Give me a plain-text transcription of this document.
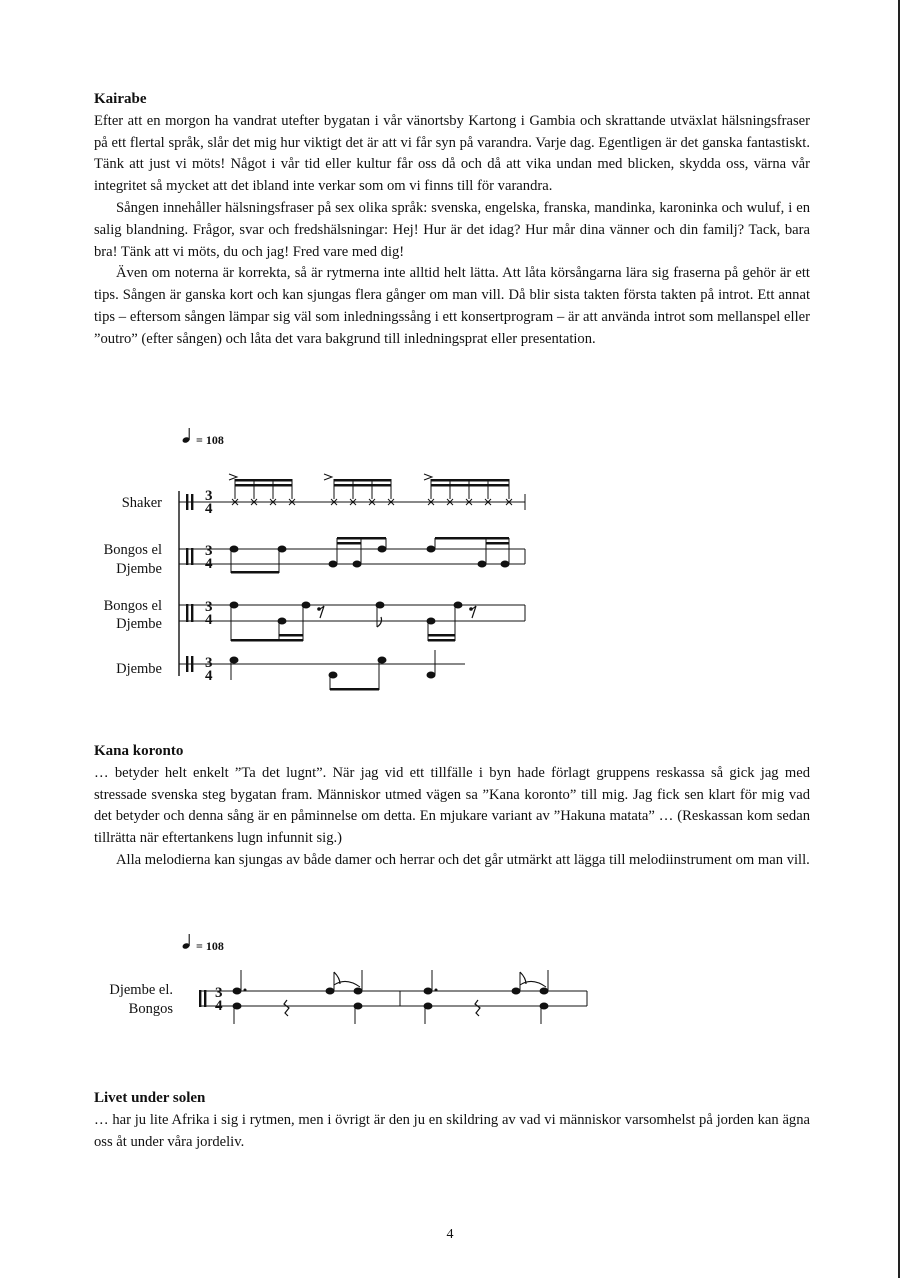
Kairabe

Efter att en morgon ha vandrat utefter bygatan i vår vänortsby Kartong i Gambia och skrattande utväxlat hälsningsfraser på ett flertal språk, slår det mig hur viktigt det är att vi får syn på varandra. Varje dag. Egentligen är det ganska fantastiskt. Tänk att just vi möts! Något i vår tid eller kultur får oss då och då att vika undan med blicken, skydda oss, värna vår integritet så mycket att det ibland inte verkar som om vi finns till för varandra.

Sången innehåller hälsningsfraser på sex olika språk: svenska, engelska, franska, mandinka, karoninka och wuluf, i en salig blandning. Frågor, svar och fredshälsningar: Hej! Hur är det idag? Hur mår dina vänner och din familj? Tack, bara bra! Tänk att vi möts, du och jag! Fred vare med dig!

Även om noterna är korrekta, så är rytmerna inte alltid helt lätta. Att låta körsångarna lära sig fraserna på gehör är ett tips. Sången är ganska kort och kan sjungas flera gånger om man vill. Då blir sista takten första takten på introt. Ett annat tips – eftersom sången lämpar sig väl som inledningssång i ett konsertprogram – är att använda introt som mellanspel eller ”outro” (efter sången) och låta det vara bakgrund till inledningsprat eller presentation.

= 108
Shaker
Bongos el
Djembe
Bongos el
Djembe
Djembe
3
4
3
4
3
4
3
4
Kana koronto

… betyder helt enkelt ”Ta det lugnt”. När jag vid ett tillfälle i byn hade förlagt gruppens reskassa så gick jag med stressade svenska steg bygatan fram. Människor utmed vägen sa ”Kana koronto” till mig. Jag fick sen klart för mig vad det betyder och denna sång är en påminnelse om detta. En mjukare variant av ”Hakuna matata” … (Reskassan kom sedan tillrätta när eftertankens lugn infunnit sig.)

Alla melodierna kan sjungas av både damer och herrar och det går utmärkt att lägga till melodiinstrument om man vill.

= 108
Djembe el.
Bongos
3
4
Livet under solen

… har ju lite Afrika i sig i rytmen, men i övrigt är den ju en skildring av vad vi människor varsomhelst på jorden kan ägna oss åt under våra jordeliv.

4
